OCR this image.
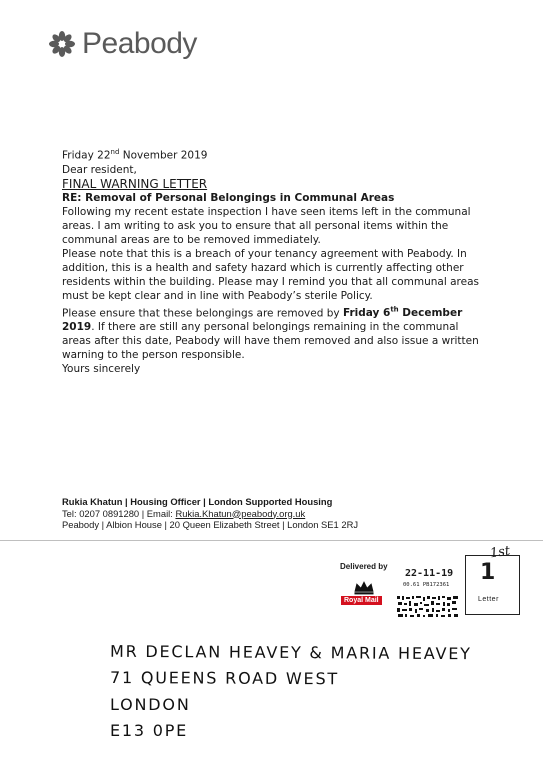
Peabody

Friday 22nd November 2019

Dear resident,

FINAL WARNING LETTER

RE: Removal of Personal Belongings in Communal Areas

Following my recent estate inspection I have seen items left in the communal areas. I am writing to ask you to ensure that all personal items within the communal areas are to be removed immediately.

Please note that this is a breach of your tenancy agreement with Peabody. In addition, this is a health and safety hazard which is currently affecting other residents within the building. Please may I remind you that all communal areas must be kept clear and in line with Peabody’s sterile Policy.

Please ensure that these belongings are removed by Friday 6th December 2019. If there are still any personal belongings remaining in the communal areas after this date, Peabody will have them removed and also issue a written warning to the person responsible.

Yours sincerely

Rukia Khatun | Housing Officer | London Supported Housing
Tel: 0207 0891280 | Email: Rukia.Khatun@peabody.org.uk
Peabody | Albion House | 20 Queen Elizabeth Street | London SE1 2RJ
Delivered by
Royal Mail
22-11-19
00.61 PB172361 1
Letter
1st
MR DECLAN HEAVEY & MARIA HEAVEY
71 QUEENS ROAD WEST
LONDON
E13 0PE
